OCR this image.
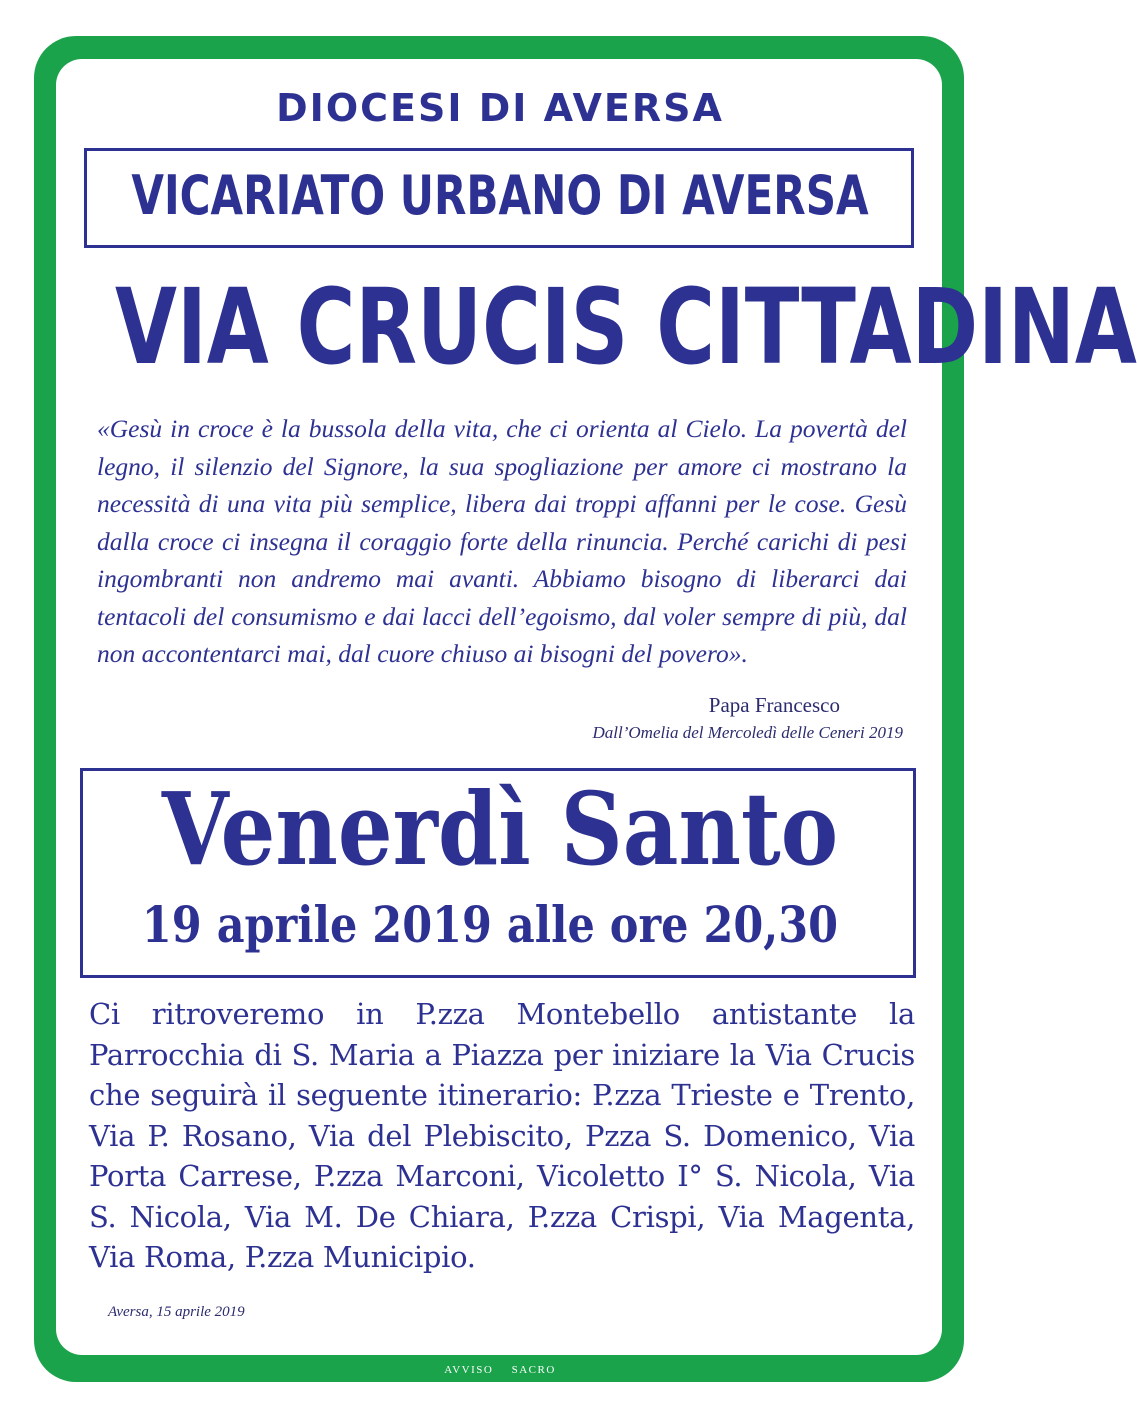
DIOCESI DI AVERSA
VICARIATO URBANO DI AVERSA
VIA CRUCIS CITTADINA
«Gesù in croce è la bussola della vita, che ci orienta al Cielo. La povertà del legno, il silenzio del Signore, la sua spogliazione per amore ci mostrano la necessità di una vita più semplice, libera dai troppi affanni per le cose. Gesù dalla croce ci insegna il coraggio forte della rinuncia. Perché carichi di pesi ingombranti non andremo mai avanti. Abbiamo bisogno di liberarci dai tentacoli del consumismo e dai lacci dell’egoismo, dal voler sempre di più, dal non accontentarci mai, dal cuore chiuso ai bisogni del povero».
Papa Francesco
Dall’Omelia del Mercoledì delle Ceneri 2019
Venerdì Santo
19 aprile 2019 alle ore 20,30
Ci ritroveremo in P.zza Montebello antistante la Parrocchia di S. Maria a Piazza per iniziare la Via Crucis che seguirà il seguente itinerario: P.zza Trieste e Trento, Via P. Rosano, Via del Plebiscito, Pzza S. Domenico, Via Porta Carrese, P.zza Marconi, Vicoletto I° S. Nicola, Via S. Nicola, Via M. De Chiara, P.zza Crispi, Via Magenta, Via Roma, P.zza Municipio.
Aversa, 15 aprile 2019
AVVISO SACRO
